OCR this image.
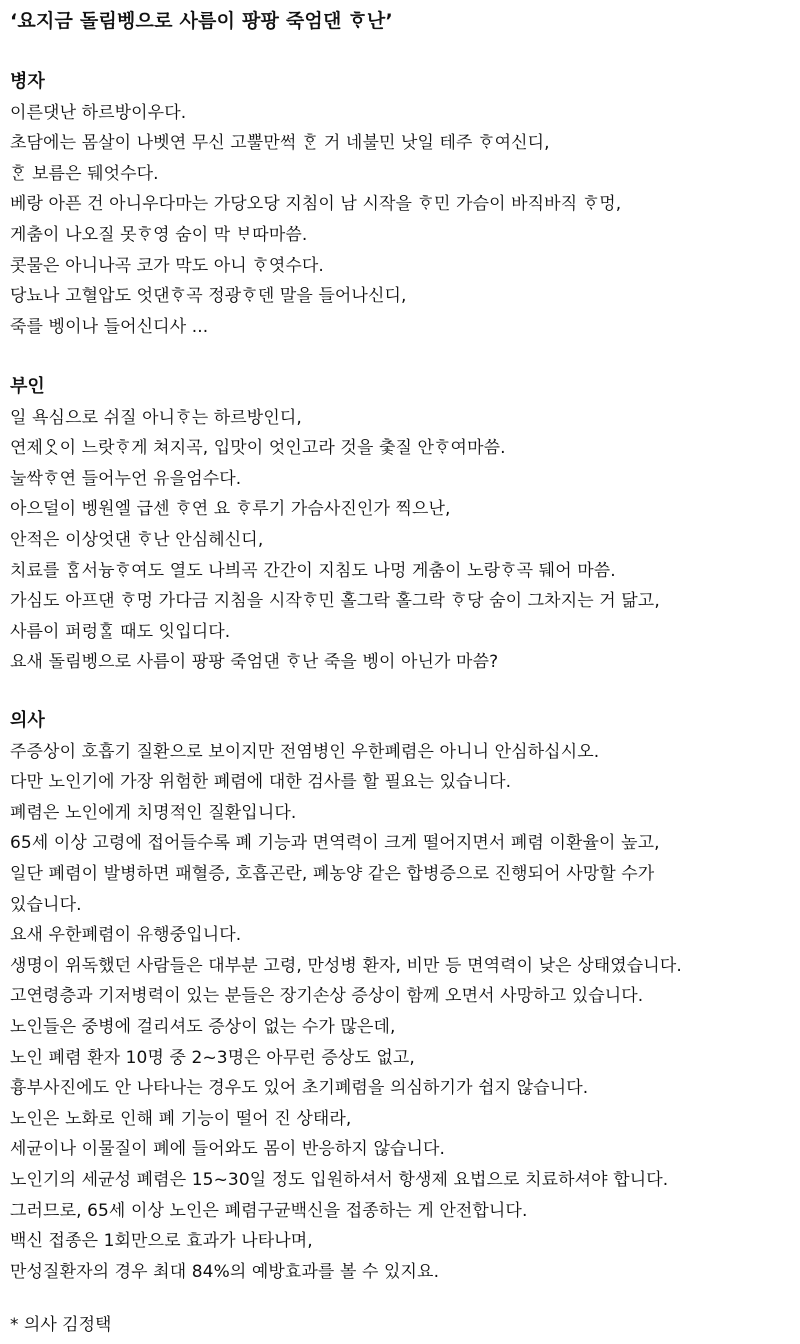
‘요지금 돌림벵으로 사름이 팡팡 죽엄댄 ᄒᆞ난’
병자
이른댓난 하르방이우다.
초담에는 몸살이 나벳연 무신 고뿔만썩 ᄒᆞᆫ 거 네불민 낫일 테주 ᄒᆞ여신디,
ᄒᆞᆫ 보름은 뒈엇수다.
베랑 아픈 건 아니우다마는 가당오당 지침이 남 시작을 ᄒᆞ민 가슴이 바직바직 ᄒᆞ멍,
게춤이 나오질 못ᄒᆞ영 숨이 막 ᄇᆞ따마씀.
콧물은 아니나곡 코가 막도 아니 ᄒᆞ엿수다.
당뇨나 고혈압도 엇댄ᄒᆞ곡 정광ᄒᆞ덴 말을 들어나신디,
죽를 벵이나 들어신디사 ...
부인
일 욕심으로 쉬질 아니ᄒᆞ는 하르방인디,
연제ᄋᆞᆺ이 느랏ᄒᆞ게 쳐지곡, 입맛이 엇인고라 것을 춫질 안ᄒᆞ여마씀.
눌싹ᄒᆞ연 들어누언 유을엄수다.
아으덜이 벵원엘 급센 ᄒᆞ연 요 ᄒᆞ루기 가슴사진인가 찍으난,
안적은 이상엇댄 ᄒᆞ난 안심헤신디,
치료를 ᄒᆞᆷ서늉ᄒᆞ여도 열도 나븨곡 간간이 지침도 나멍 게춤이 노랑ᄒᆞ곡 뒈어 마씀.
가심도 아프댄 ᄒᆞ멍 가다금 지침을 시작ᄒᆞ민 홀그락 홀그락 ᄒᆞ당 숨이 그차지는 거 닮고,
사름이 퍼렁ᄒᆞᆯ 때도 잇입디다.
요새 돌림벵으로 사름이 팡팡 죽엄댄 ᄒᆞ난 죽을 벵이 아닌가 마씀?
의사
주증상이 호흡기 질환으로 보이지만 전염병인 우한폐렴은 아니니 안심하십시오.
다만 노인기에 가장 위험한 폐렴에 대한 검사를 할 필요는 있습니다.
폐렴은 노인에게 치명적인 질환입니다.
65세 이상 고령에 접어들수록 폐 기능과 면역력이 크게 떨어지면서 폐렴 이환율이 높고,
일단 폐렴이 발병하면 패혈증, 호흡곤란, 폐농양 같은 합병증으로 진행되어 사망할 수가
있습니다.
요새 우한폐렴이 유행중입니다.
생명이 위독했던 사람들은 대부분 고령, 만성병 환자, 비만 등 면역력이 낮은 상태였습니다.
고연령층과 기저병력이 있는 분들은 장기손상 증상이 함께 오면서 사망하고 있습니다.
노인들은 중병에 걸리셔도 증상이 없는 수가 많은데,
노인 폐렴 환자 10명 중 2~3명은 아무런 증상도 없고,
흉부사진에도 안 나타나는 경우도 있어 초기폐렴을 의심하기가 쉽지 않습니다.
노인은 노화로 인해 폐 기능이 떨어 진 상태라,
세균이나 이물질이 폐에 들어와도 몸이 반응하지 않습니다.
노인기의 세균성 폐렴은 15~30일 정도 입원하셔서 항생제 요법으로 치료하셔야 합니다.
그러므로, 65세 이상 노인은 폐렴구균백신을 접종하는 게 안전합니다.
백신 접종은 1회만으로 효과가 나타나며,
만성질환자의 경우 최대 84%의 예방효과를 볼 수 있지요.
* 의사 김정택
